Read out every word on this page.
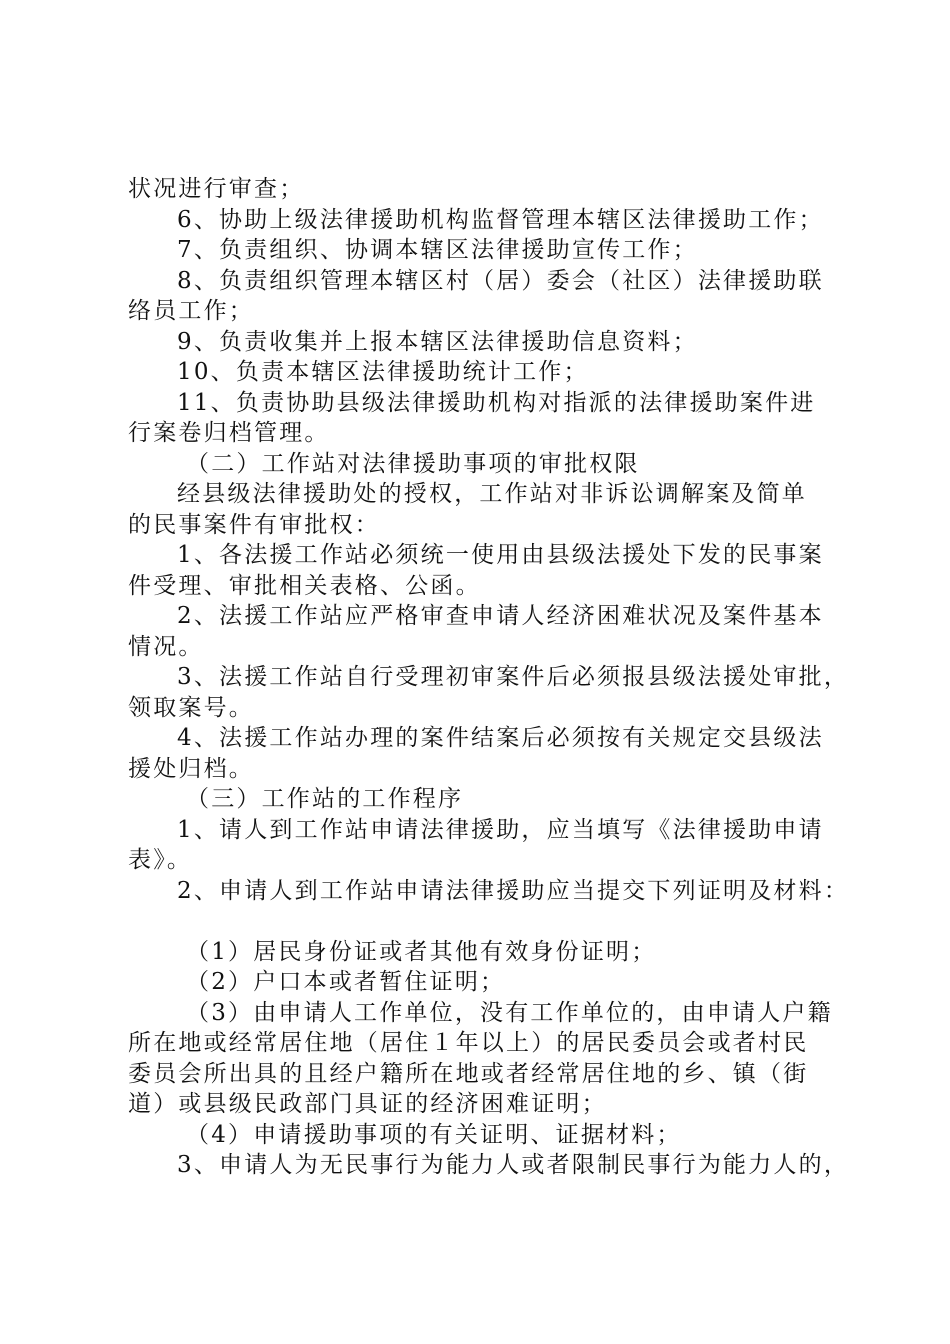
状况进行审查；
6、协助上级法律援助机构监督管理本辖区法律援助工作；
7、负责组织、协调本辖区法律援助宣传工作；
8、负责组织管理本辖区村（居）委会（社区）法律援助联
络员工作；
9、负责收集并上报本辖区法律援助信息资料；
10、负责本辖区法律援助统计工作；
11、负责协助县级法律援助机构对指派的法律援助案件进
行案卷归档管理。
（二）工作站对法律援助事项的审批权限
经县级法律援助处的授权，工作站对非诉讼调解案及简单
的民事案件有审批权：
1、各法援工作站必须统一使用由县级法援处下发的民事案
件受理、审批相关表格、公函。
2、法援工作站应严格审查申请人经济困难状况及案件基本
情况。
3、法援工作站自行受理初审案件后必须报县级法援处审批，
领取案号。
4、法援工作站办理的案件结案后必须按有关规定交县级法
援处归档。
（三）工作站的工作程序
1、请人到工作站申请法律援助，应当填写《法律援助申请
表》。
2、申请人到工作站申请法律援助应当提交下列证明及材料：
（1）居民身份证或者其他有效身份证明；
（2）户口本或者暂住证明；
（3）由申请人工作单位，没有工作单位的，由申请人户籍
所在地或经常居住地（居住１年以上）的居民委员会或者村民
委员会所出具的且经户籍所在地或者经常居住地的乡、镇（街
道）或县级民政部门具证的经济困难证明；
（4）申请援助事项的有关证明、证据材料；
3、申请人为无民事行为能力人或者限制民事行为能力人的，
